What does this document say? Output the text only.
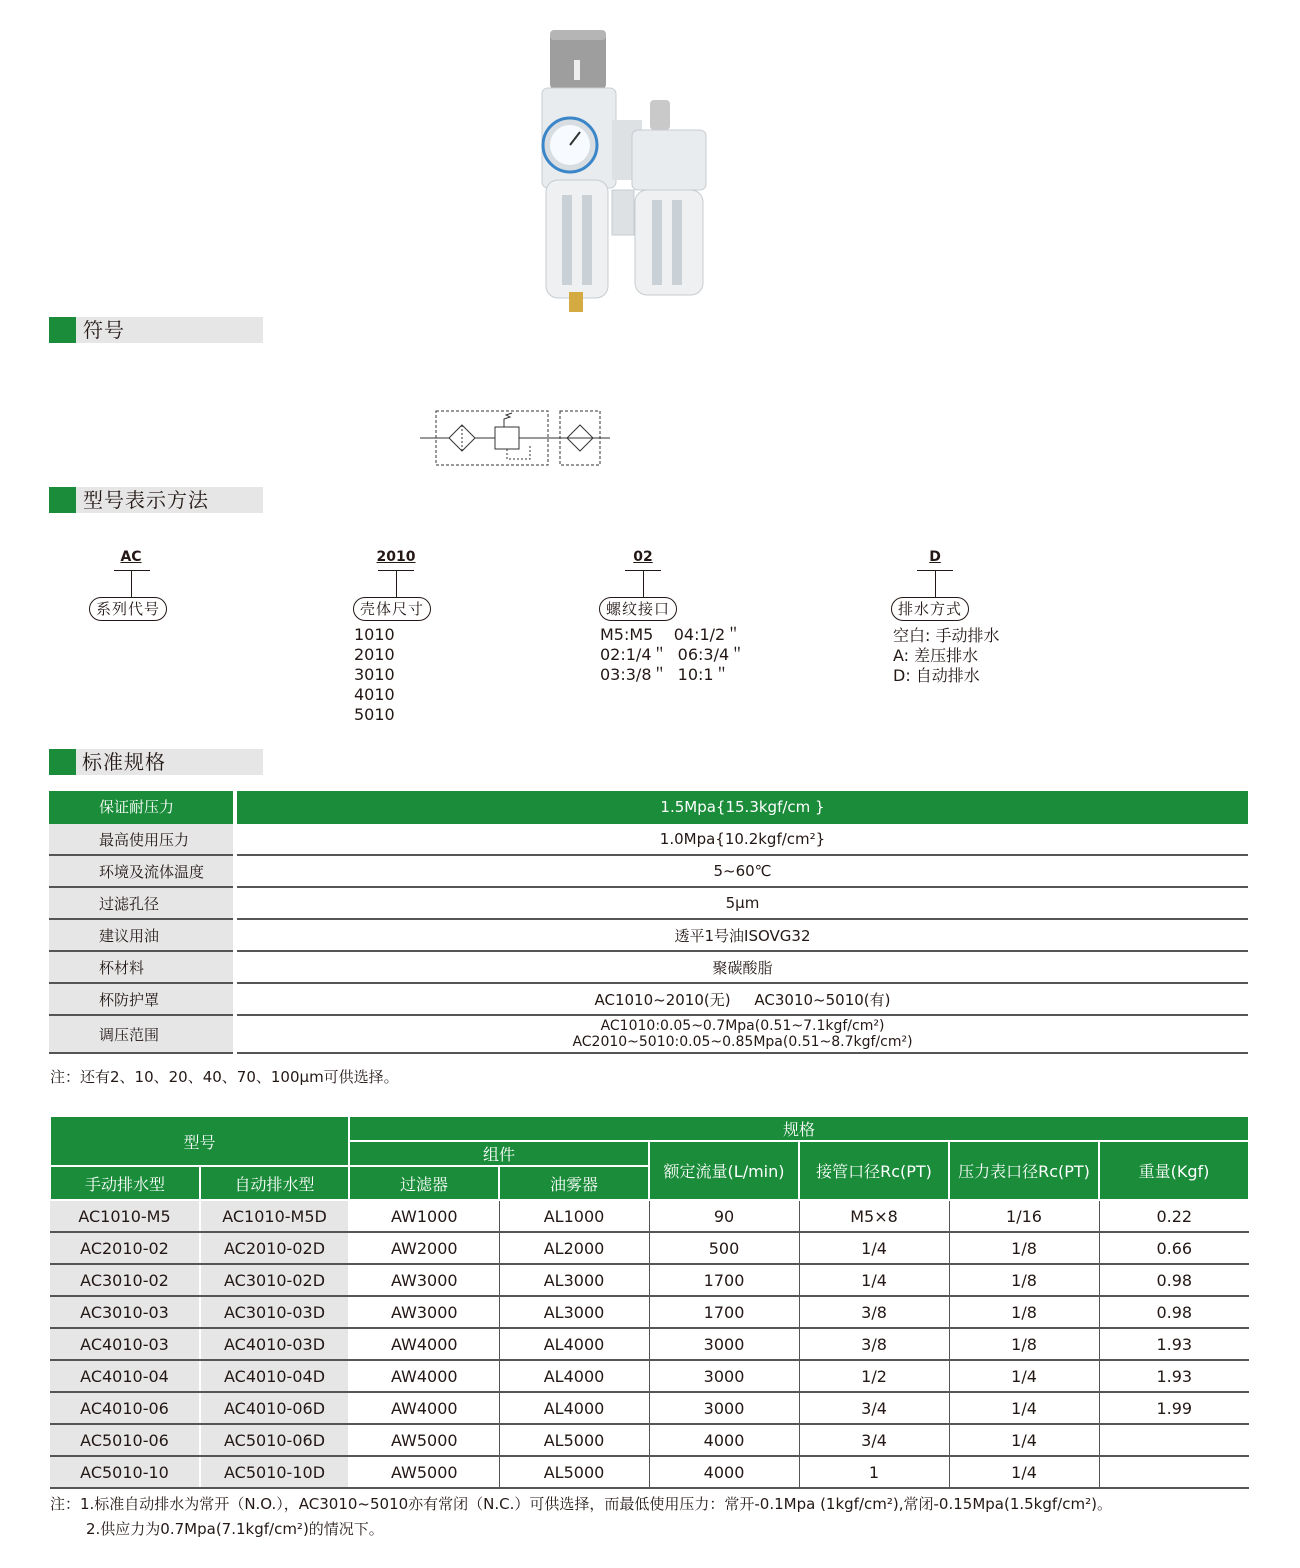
符号
型号表示方法
AC
系列代号
2010
壳体尺寸
1010
2010
3010
4010
5010
02
螺纹接口
M5:M5    04:1/2＂
02:1/4＂  06:3/4＂
03:3/8＂  10:1＂
D
排水方式
空白: 手动排水
A: 差压排水
D: 自动排水
标准规格
保证耐压力	1.5Mpa{15.3kgf/cm }
最高使用压力	1.0Mpa{10.2kgf/cm²}
环境及流体温度	5~60℃
过滤孔径	5μm
建议用油	透平1号油ISOVG32
杯材料	聚碳酸脂
杯防护罩	AC1010~2010(无)     AC3010~5010(有)
调压范围	AC1010:0.05~0.7Mpa(0.51~7.1kgf/cm²)
AC2010~5010:0.05~0.85Mpa(0.51~8.7kgf/cm²)
注：还有2、10、20、40、70、100μm可供选择。
型号		规格					
		组件		额定流量(L/min)	接管口径Rc(PT)	压力表口径Rc(PT)	重量(Kgf)
手动排水型	自动排水型	过滤器	油雾器				
AC1010-M5	AC1010-M5D	AW1000	AL1000	90	M5×8	1/16	0.22
AC2010-02	AC2010-02D	AW2000	AL2000	500	1/4	1/8	0.66
AC3010-02	AC3010-02D	AW3000	AL3000	1700	1/4	1/8	0.98
AC3010-03	AC3010-03D	AW3000	AL3000	1700	3/8	1/8	0.98
AC4010-03	AC4010-03D	AW4000	AL4000	3000	3/8	1/8	1.93
AC4010-04	AC4010-04D	AW4000	AL4000	3000	1/2	1/4	1.93
AC4010-06	AC4010-06D	AW4000	AL4000	3000	3/4	1/4	1.99
AC5010-06	AC5010-06D	AW5000	AL5000	4000	3/4	1/4	
AC5010-10	AC5010-10D	AW5000	AL5000	4000	1	1/4	
注：1.标准自动排水为常开（N.O.），AC3010~5010亦有常闭（N.C.）可供选择，而最低使用压力：常开-0.1Mpa (1kgf/cm²),常闭-0.15Mpa(1.5kgf/cm²)。
2.供应力为0.7Mpa(7.1kgf/cm²)的情况下。
